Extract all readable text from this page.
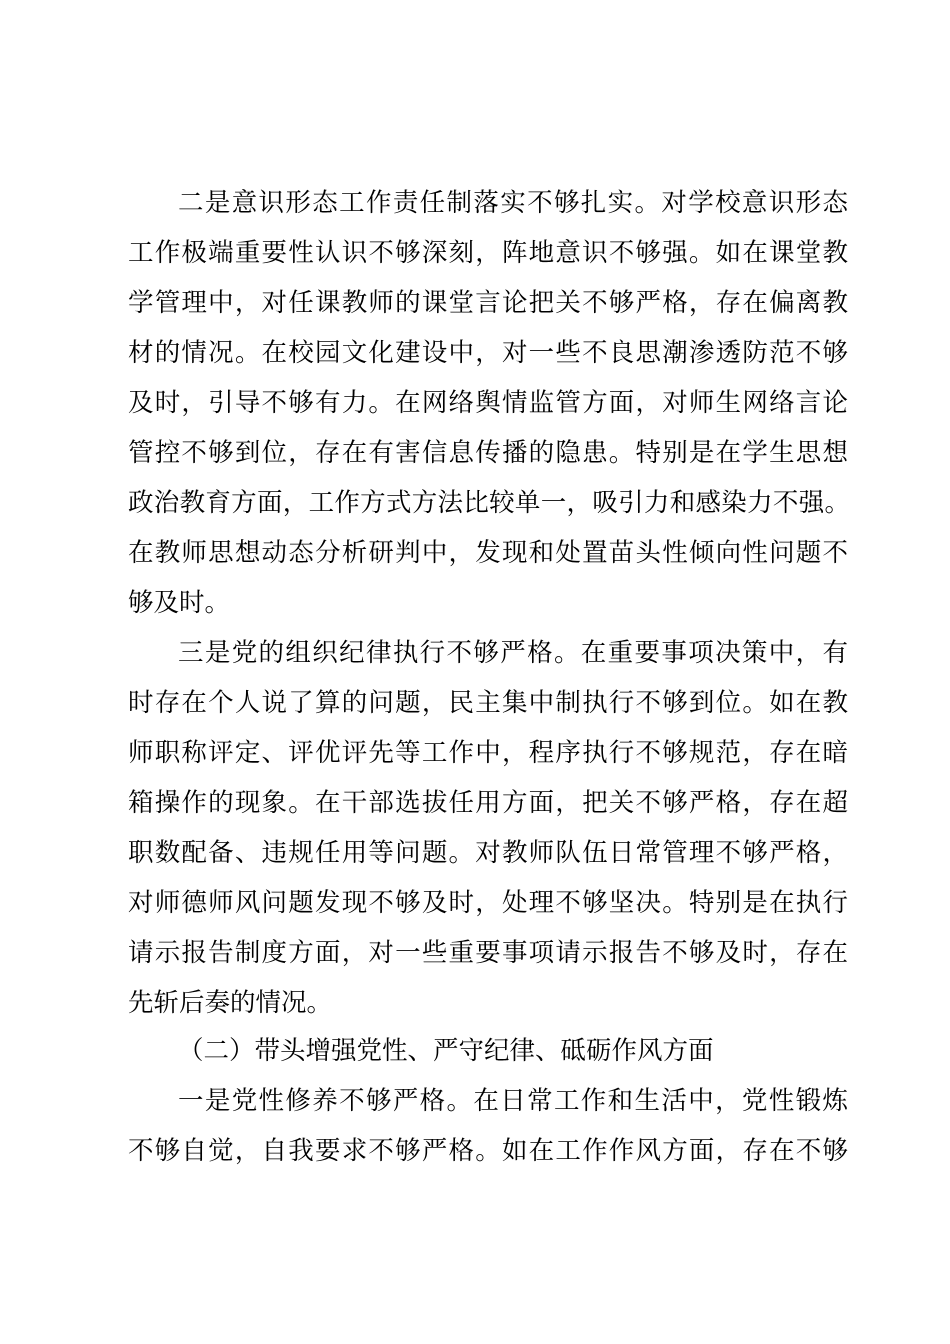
二是意识形态工作责任制落实不够扎实。对学校意识形态
工作极端重要性认识不够深刻，阵地意识不够强。如在课堂教
学管理中，对任课教师的课堂言论把关不够严格，存在偏离教
材的情况。在校园文化建设中，对一些不良思潮渗透防范不够
及时，引导不够有力。在网络舆情监管方面，对师生网络言论
管控不够到位，存在有害信息传播的隐患。特别是在学生思想
政治教育方面，工作方式方法比较单一，吸引力和感染力不强。
在教师思想动态分析研判中，发现和处置苗头性倾向性问题不
够及时。
三是党的组织纪律执行不够严格。在重要事项决策中，有
时存在个人说了算的问题，民主集中制执行不够到位。如在教
师职称评定、评优评先等工作中，程序执行不够规范，存在暗
箱操作的现象。在干部选拔任用方面，把关不够严格，存在超
职数配备、违规任用等问题。对教师队伍日常管理不够严格，
对师德师风问题发现不够及时，处理不够坚决。特别是在执行
请示报告制度方面，对一些重要事项请示报告不够及时，存在
先斩后奏的情况。
（二）带头增强党性、严守纪律、砥砺作风方面
一是党性修养不够严格。在日常工作和生活中，党性锻炼
不够自觉，自我要求不够严格。如在工作作风方面，存在不够
